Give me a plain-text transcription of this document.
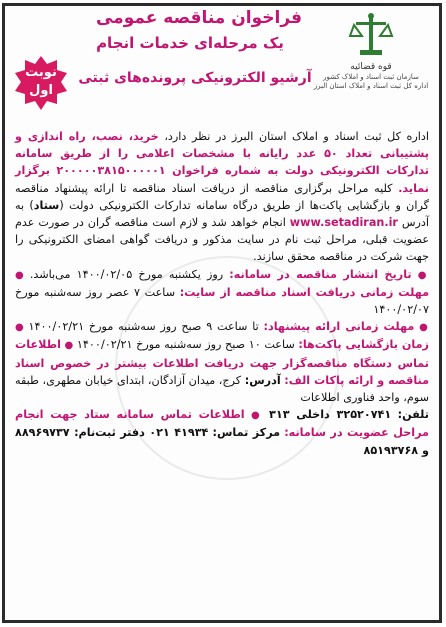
فراخوان مناقصه عمومی
یک مرحله‌ای خدمات انجام
آرشیو الکترونیکی پرونده‌های ثبتی
قوه قضائیه
سازمان ثبت اسناد و املاک کشور
اداره کل ثبت اسناد و املاک استان البرز
نوبت
اول

اداره کل ثبت اسناد و املاک استان البرز در نظر دارد، خرید، نصب، راه اندازی و پشتیبانی تعداد ۵۰ عدد رایانه با مشخصات اعلامی را از طریق سامانه تدارکات الکترونیکی دولت به شماره فراخوان ۲۰۰۰۰۰۳۸۱۵۰۰۰۰۰۱ برگزار نماید. کلیه مراحل برگزاری مناقصه از دریافت اسناد مناقصه تا ارائه پیشنهاد مناقصه گران و بازگشایی پاکت‌ها از طریق درگاه سامانه تدارکات الکترونیکی دولت (ستاد) به آدرس www.setadiran.ir انجام خواهد شد و لازم است مناقصه گران در صورت عدم عضویت قبلی، مراحل ثبت نام در سایت مذکور و دریافت گواهی امضای الکترونیکی را جهت شرکت در مناقصه محقق سازند.

● تاریخ انتشار مناقصه در سامانه: روز یکشنبه مورخ ۱۴۰۰/۰۲/۰۵ می‌باشد. ● مهلت زمانی دریافت اسناد مناقصه از سایت: ساعت ۷ عصر روز سه‌شنبه مورخ ۱۴۰۰/۰۲/۰۷

● مهلت زمانی ارائه پیشنهاد: تا ساعت ۹ صبح روز سه‌شنبه مورخ ۱۴۰۰/۰۲/۲۱ ● زمان بازگشایی پاکت‌ها: ساعت ۱۰ صبح روز سه‌شنبه مورخ ۱۴۰۰/۰۲/۲۱ ● اطلاعات تماس دستگاه مناقصه‌گزار جهت دریافت اطلاعات بیشتر در خصوص اسناد مناقصه و ارائه پاکات الف: آدرس: کرج، میدان آزادگان، ابتدای خیابان مطهری، طبقه سوم، واحد فناوری اطلاعات

تلفن: ۳۲۵۲۰۷۴۱ داخلی ۳۱۳ ● اطلاعات تماس سامانه ستاد جهت انجام مراحل عضویت در سامانه: مرکز تماس: ۴۱۹۳۴ ۰۲۱ دفتر ثبت‌نام: ۸۸۹۶۹۷۳۷ و ۸۵۱۹۳۷۶۸
